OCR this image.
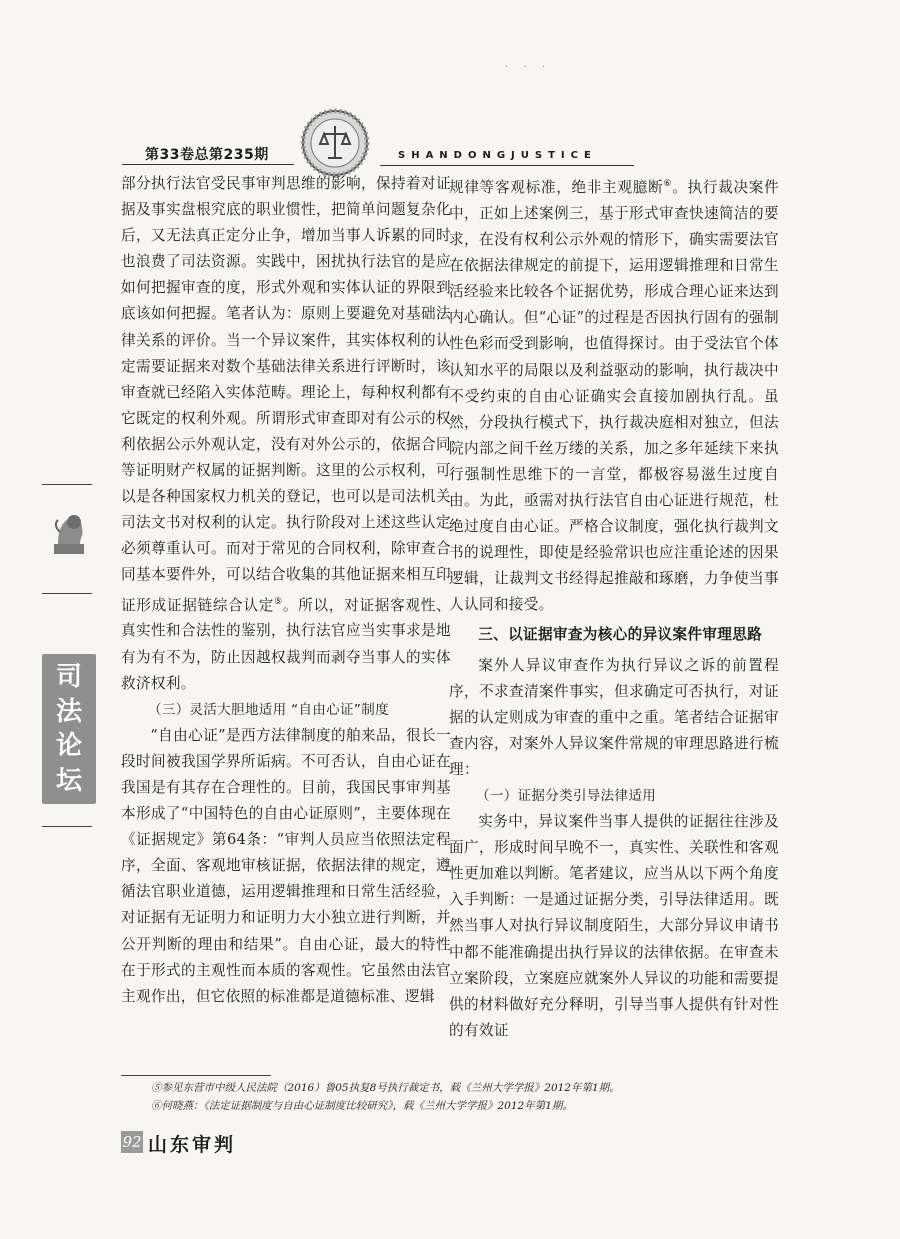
· · ·
第33卷总第235期	SHANDONGJUSTICE
司
法
论
坛

部分执行法官受民事审判思维的影响，保持着对证据及事实盘根究底的职业惯性，把简单问题复杂化后，又无法真正定分止争，增加当事人诉累的同时也浪费了司法资源。实践中，困扰执行法官的是应如何把握审查的度，形式外观和实体认证的界限到底该如何把握。笔者认为：原则上要避免对基础法律关系的评价。当一个异议案件，其实体权利的认定需要证据来对数个基础法律关系进行评断时，该审查就已经陷入实体范畴。理论上，每种权利都有它既定的权利外观。所谓形式审查即对有公示的权利依据公示外观认定，没有对外公示的，依据合同等证明财产权属的证据判断。这里的公示权利，可以是各种国家权力机关的登记，也可以是司法机关司法文书对权利的认定。执行阶段对上述这些认定必须尊重认可。而对于常见的合同权利，除审查合同基本要件外，可以结合收集的其他证据来相互印证形成证据链综合认定⑤。所以，对证据客观性、真实性和合法性的鉴别，执行法官应当实事求是地有为有不为，防止因越权裁判而剥夺当事人的实体救济权利。

（三）灵活大胆地适用 “自由心证”制度

“自由心证”是西方法律制度的舶来品，很长一段时间被我国学界所诟病。不可否认，自由心证在我国是有其存在合理性的。目前，我国民事审判基本形成了“中国特色的自由心证原则”，主要体现在《证据规定》第64条：“审判人员应当依照法定程序，全面、客观地审核证据，依据法律的规定，遵循法官职业道德，运用逻辑推理和日常生活经验，对证据有无证明力和证明力大小独立进行判断，并公开判断的理由和结果”。自由心证，最大的特性在于形式的主观性而本质的客观性。它虽然由法官主观作出，但它依照的标准都是道德标准、逻辑

规律等客观标准，绝非主观臆断⑥。执行裁决案件中，正如上述案例三，基于形式审查快速简洁的要求，在没有权利公示外观的情形下，确实需要法官在依据法律规定的前提下，运用逻辑推理和日常生活经验来比较各个证据优势，形成合理心证来达到内心确认。但“心证”的过程是否因执行固有的强制性色彩而受到影响，也值得探讨。由于受法官个体认知水平的局限以及利益驱动的影响，执行裁决中不受约束的自由心证确实会直接加剧执行乱。虽然，分段执行模式下，执行裁决庭相对独立，但法院内部之间千丝万缕的关系，加之多年延续下来执行强制性思维下的一言堂，都极容易滋生过度自由。为此，亟需对执行法官自由心证进行规范，杜绝过度自由心证。严格合议制度，强化执行裁判文书的说理性，即使是经验常识也应注重论述的因果逻辑，让裁判文书经得起推敲和琢磨，力争使当事人认同和接受。

三、以证据审查为核心的异议案件审理思路

案外人异议审查作为执行异议之诉的前置程序，不求查清案件事实，但求确定可否执行，对证据的认定则成为审查的重中之重。笔者结合证据审查内容，对案外人异议案件常规的审理思路进行梳理：

（一）证据分类引导法律适用

实务中，异议案件当事人提供的证据往往涉及面广，形成时间早晚不一，真实性、关联性和客观性更加难以判断。笔者建议，应当从以下两个角度入手判断：一是通过证据分类，引导法律适用。既然当事人对执行异议制度陌生，大部分异议申请书中都不能准确提出执行异议的法律依据。在审查未立案阶段，立案庭应就案外人异议的功能和需要提供的材料做好充分释明，引导当事人提供有针对性的有效证

⑤参见东营市中级人民法院（2016）鲁05执复8号执行裁定书，载《兰州大学学报》2012年第1期。
⑥何晓燕：《法定证据制度与自由心证制度比较研究》，载《兰州大学学报》2012年第1期。
92 山东审判
